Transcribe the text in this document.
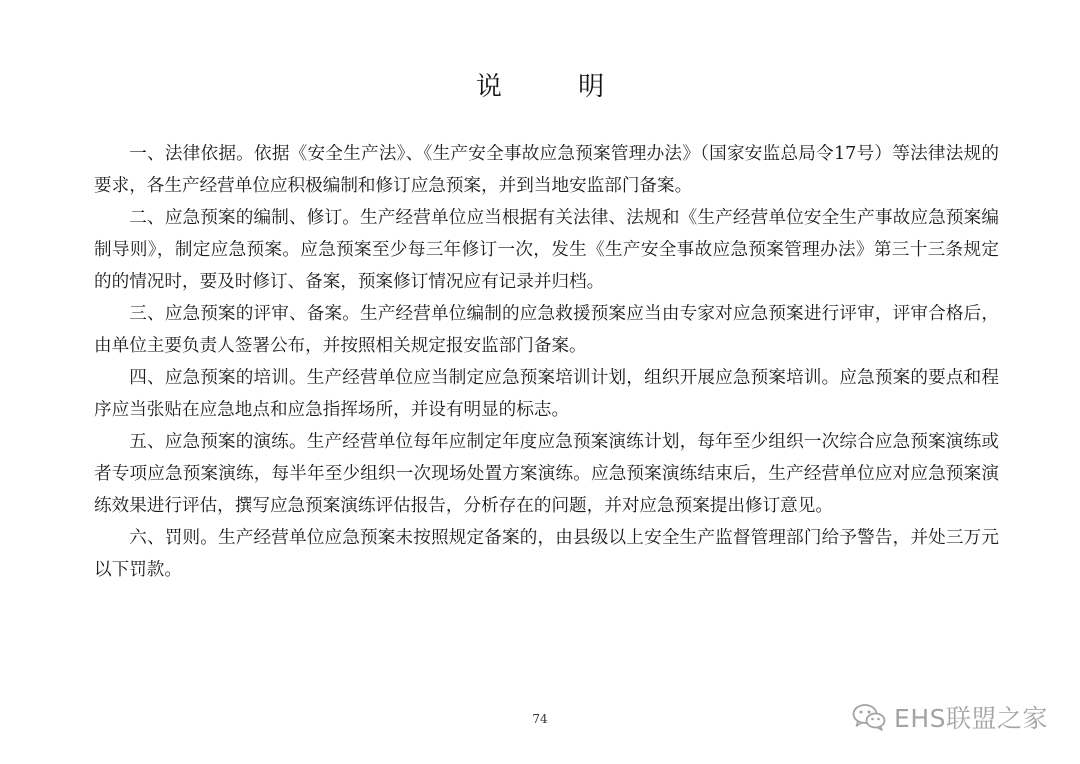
说 明

一、法律依据。依据《安全生产法》、《生产安全事故应急预案管理办法》（国家安监总局令17号）等法律法规的要求，各生产经营单位应积极编制和修订应急预案，并到当地安监部门备案。

二、应急预案的编制、修订。生产经营单位应当根据有关法律、法规和《生产经营单位安全生产事故应急预案编制导则》，制定应急预案。应急预案至少每三年修订一次，发生《生产安全事故应急预案管理办法》第三十三条规定的的情况时，要及时修订、备案，预案修订情况应有记录并归档。

三、应急预案的评审、备案。生产经营单位编制的应急救援预案应当由专家对应急预案进行评审，评审合格后，由单位主要负责人签署公布，并按照相关规定报安监部门备案。

四、应急预案的培训。生产经营单位应当制定应急预案培训计划，组织开展应急预案培训。应急预案的要点和程序应当张贴在应急地点和应急指挥场所，并设有明显的标志。

五、应急预案的演练。生产经营单位每年应制定年度应急预案演练计划，每年至少组织一次综合应急预案演练或者专项应急预案演练，每半年至少组织一次现场处置方案演练。应急预案演练结束后，生产经营单位应对应急预案演练效果进行评估，撰写应急预案演练评估报告，分析存在的问题，并对应急预案提出修订意见。

六、罚则。生产经营单位应急预案未按照规定备案的，由县级以上安全生产监督管理部门给予警告，并处三万元以下罚款。

74	EHS联盟之家
